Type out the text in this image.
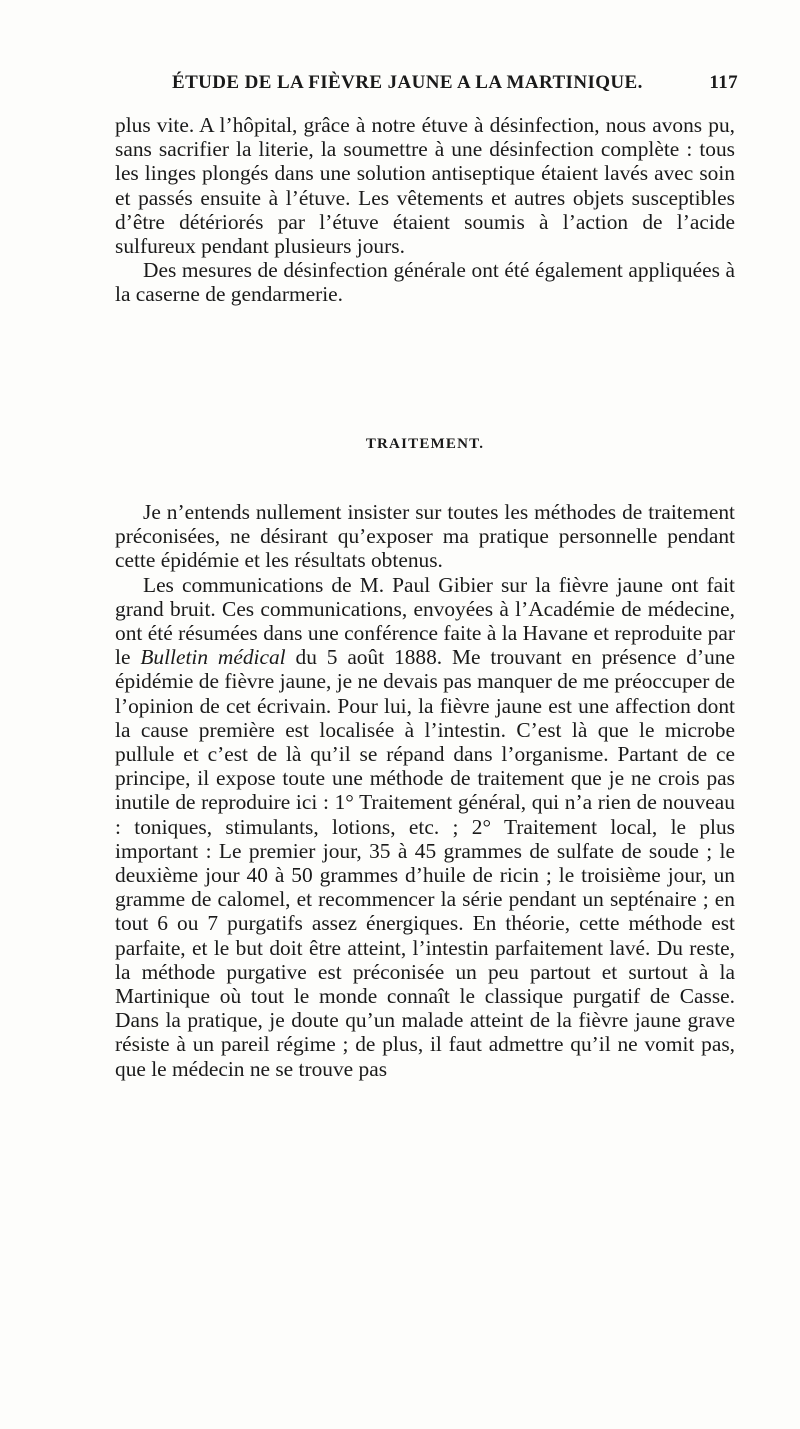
ÉTUDE DE LA FIÈVRE JAUNE A LA MARTINIQUE.	117

plus vite. A l’hôpital, grâce à notre étuve à désinfection, nous avons pu, sans sacrifier la literie, la soumettre à une désinfection complète : tous les linges plongés dans une solution antiseptique étaient lavés avec soin et passés ensuite à l’étuve. Les vêtements et autres objets susceptibles d’être détériorés par l’étuve étaient soumis à l’action de l’acide sulfureux pendant plusieurs jours.

Des mesures de désinfection générale ont été également appliquées à la caserne de gendarmerie.

TRAITEMENT.

Je n’entends nullement insister sur toutes les méthodes de traitement préconisées, ne désirant qu’exposer ma pratique personnelle pendant cette épidémie et les résultats obtenus.

Les communications de M. Paul Gibier sur la fièvre jaune ont fait grand bruit. Ces communications, envoyées à l’Académie de médecine, ont été résumées dans une conférence faite à la Havane et reproduite par le Bulletin médical du 5 août 1888. Me trouvant en présence d’une épidémie de fièvre jaune, je ne devais pas manquer de me préoccuper de l’opinion de cet écrivain. Pour lui, la fièvre jaune est une affection dont la cause première est localisée à l’intestin. C’est là que le microbe pullule et c’est de là qu’il se répand dans l’organisme. Partant de ce principe, il expose toute une méthode de traitement que je ne crois pas inutile de reproduire ici : 1° Traitement général, qui n’a rien de nouveau : toniques, stimulants, lotions, etc. ; 2° Traitement local, le plus important : Le premier jour, 35 à 45 grammes de sulfate de soude ; le deuxième jour 40 à 50 grammes d’huile de ricin ; le troisième jour, un gramme de calomel, et recommencer la série pendant un septénaire ; en tout 6 ou 7 purgatifs assez énergiques. En théorie, cette méthode est parfaite, et le but doit être atteint, l’intestin parfaitement lavé. Du reste, la méthode purgative est préconisée un peu partout et surtout à la Martinique où tout le monde connaît le classique purgatif de Casse. Dans la pratique, je doute qu’un malade atteint de la fièvre jaune grave résiste à un pareil régime ; de plus, il faut admettre qu’il ne vomit pas, que le médecin ne se trouve pas
